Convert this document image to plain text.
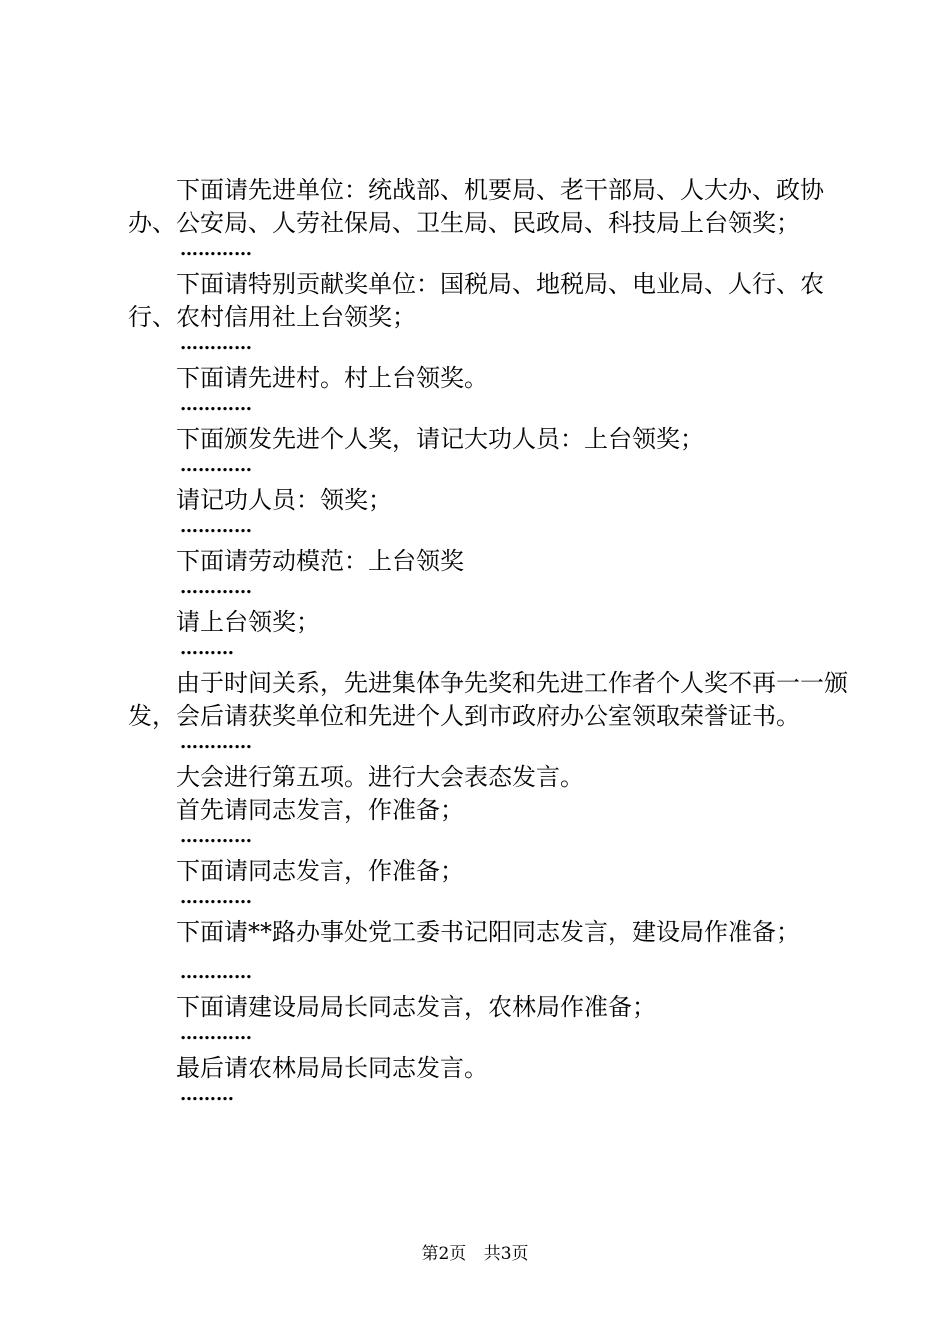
下面请先进单位：统战部、机要局、老干部局、人大办、政协办、公安局、人劳社保局、卫生局、民政局、科技局上台领奖；

…………

下面请特别贡献奖单位：国税局、地税局、电业局、人行、农行、农村信用社上台领奖；

…………

下面请先进村。村上台领奖。

…………

下面颁发先进个人奖，请记大功人员：上台领奖；

…………

请记功人员：领奖；

…………

下面请劳动模范：上台领奖

…………

请上台领奖；

………

由于时间关系，先进集体争先奖和先进工作者个人奖不再一一颁发，会后请获奖单位和先进个人到市政府办公室领取荣誉证书。

…………

大会进行第五项。进行大会表态发言。

首先请同志发言，作准备；

…………

下面请同志发言，作准备；

…………

下面请**路办事处党工委书记阳同志发言，建设局作准备；

…………

下面请建设局局长同志发言，农林局作准备；

…………

最后请农林局局长同志发言。

………

第2页 共3页
